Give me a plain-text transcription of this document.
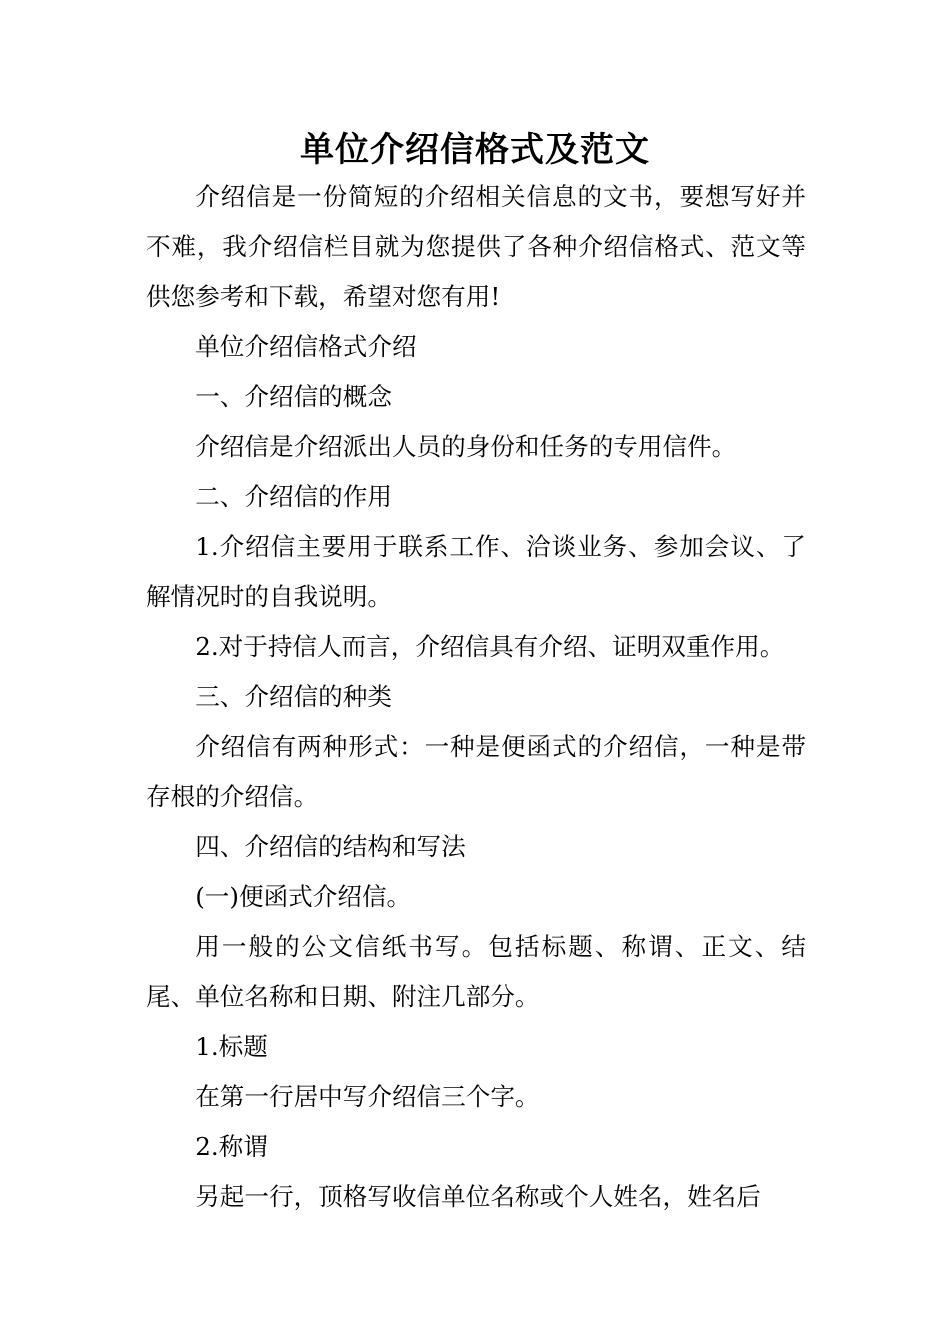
单位介绍信格式及范文

介绍信是一份简短的介绍相关信息的文书，要想写好并不难，我介绍信栏目就为您提供了各种介绍信格式、范文等供您参考和下载，希望对您有用!

单位介绍信格式介绍

一、介绍信的概念

介绍信是介绍派出人员的身份和任务的专用信件。

二、介绍信的作用

1.介绍信主要用于联系工作、洽谈业务、参加会议、了解情况时的自我说明。

2.对于持信人而言，介绍信具有介绍、证明双重作用。

三、介绍信的种类

介绍信有两种形式：一种是便函式的介绍信，一种是带存根的介绍信。

四、介绍信的结构和写法

(一)便函式介绍信。

用一般的公文信纸书写。包括标题、称谓、正文、结尾、单位名称和日期、附注几部分。

1.标题

在第一行居中写介绍信三个字。

2.称谓

另起一行，顶格写收信单位名称或个人姓名，姓名后
